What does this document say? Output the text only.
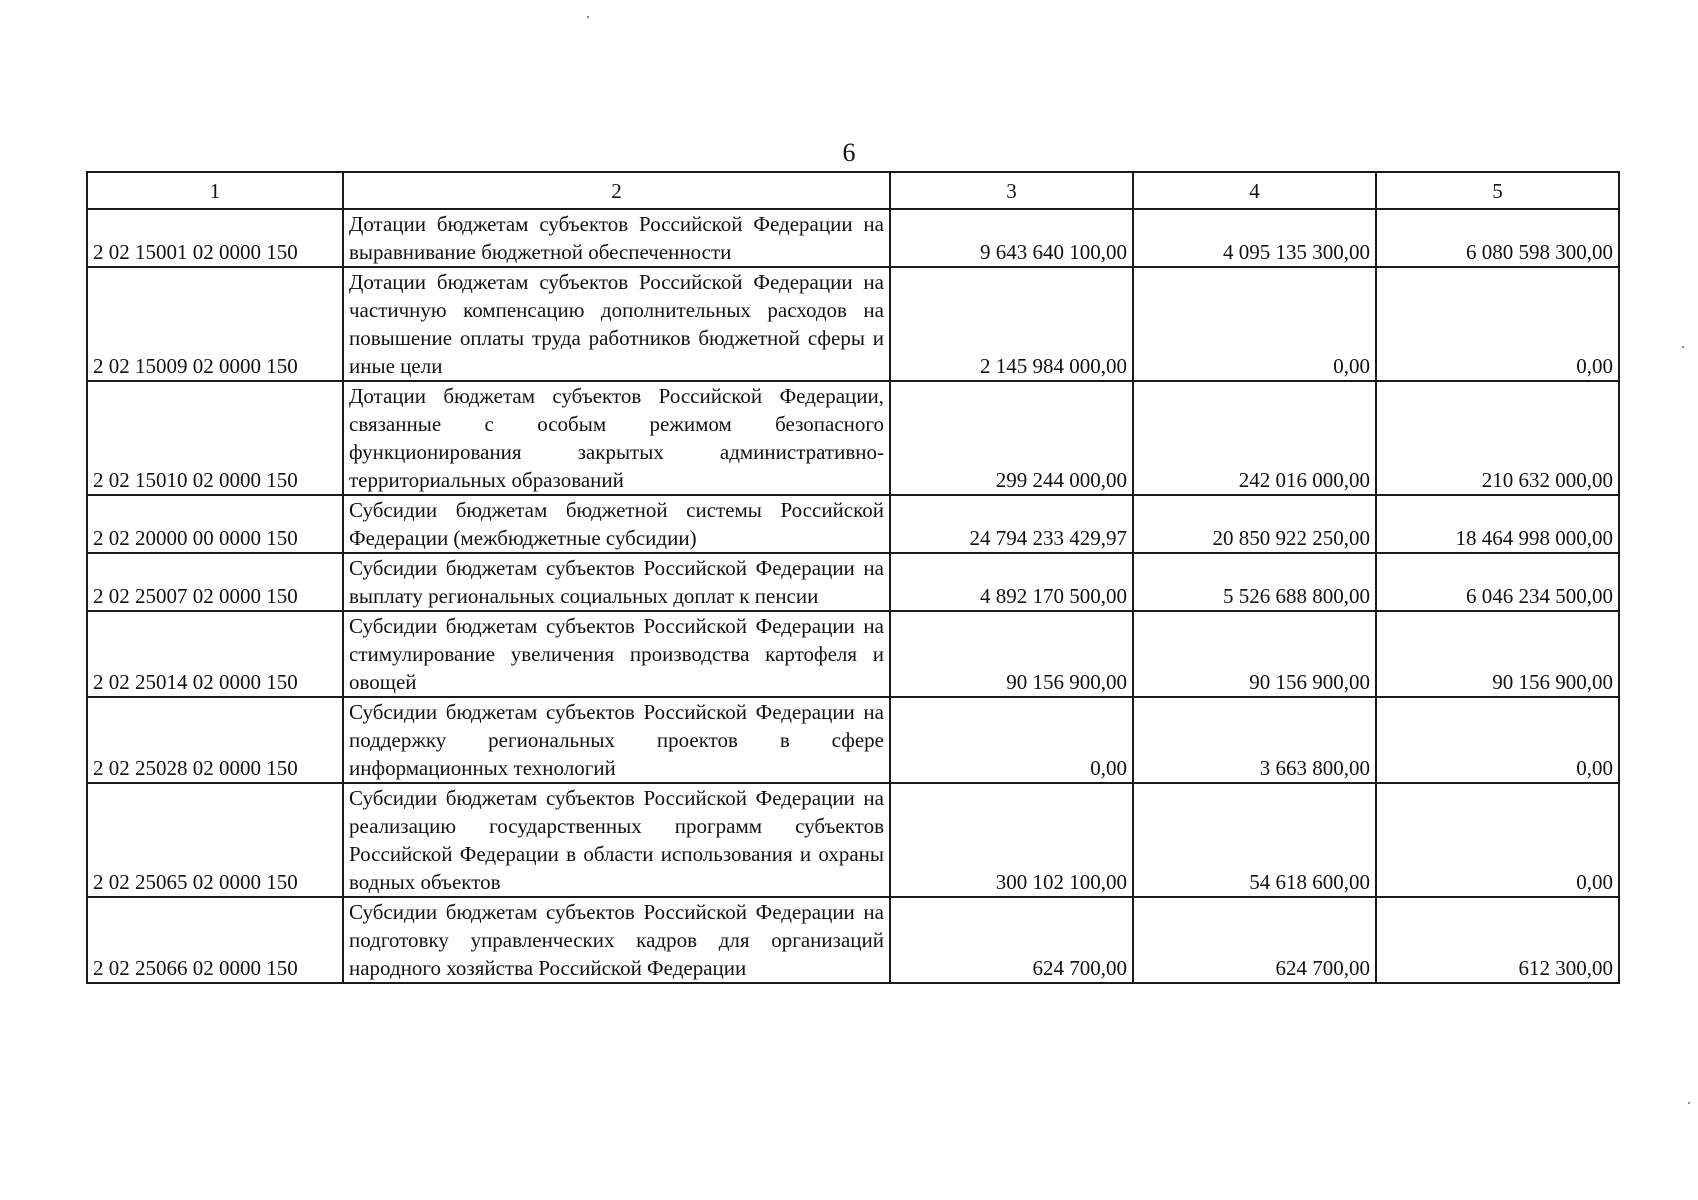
6
1	2	3	4	5
2 02 15001 02 0000 150	Дотации бюджетам субъектов Российской Федерации на выравнивание бюджетной обеспеченности	9 643 640 100,00	4 095 135 300,00	6 080 598 300,00
2 02 15009 02 0000 150	Дотации бюджетам субъектов Российской Федерации на частичную компенсацию дополнительных расходов на повышение оплаты труда работников бюджетной сферы и иные цели	2 145 984 000,00	0,00	0,00
2 02 15010 02 0000 150	Дотации бюджетам субъектов Российской Федерации, связанные с особым режимом безопасного функционирования закрытых административно-территориальных образований	299 244 000,00	242 016 000,00	210 632 000,00
2 02 20000 00 0000 150	Субсидии бюджетам бюджетной системы Российской Федерации (межбюджетные субсидии)	24 794 233 429,97	20 850 922 250,00	18 464 998 000,00
2 02 25007 02 0000 150	Субсидии бюджетам субъектов Российской Федерации на выплату региональных социальных доплат к пенсии	4 892 170 500,00	5 526 688 800,00	6 046 234 500,00
2 02 25014 02 0000 150	Субсидии бюджетам субъектов Российской Федерации на стимулирование увеличения производства картофеля и овощей	90 156 900,00	90 156 900,00	90 156 900,00
2 02 25028 02 0000 150	Субсидии бюджетам субъектов Российской Федерации на поддержку региональных проектов в сфере информационных технологий	0,00	3 663 800,00	0,00
2 02 25065 02 0000 150	Субсидии бюджетам субъектов Российской Федерации на реализацию государственных программ субъектов Российской Федерации в области использования и охраны водных объектов	300 102 100,00	54 618 600,00	0,00
2 02 25066 02 0000 150	Субсидии бюджетам субъектов Российской Федерации на подготовку управленческих кадров для организаций народного хозяйства Российской Федерации	624 700,00	624 700,00	612 300,00
